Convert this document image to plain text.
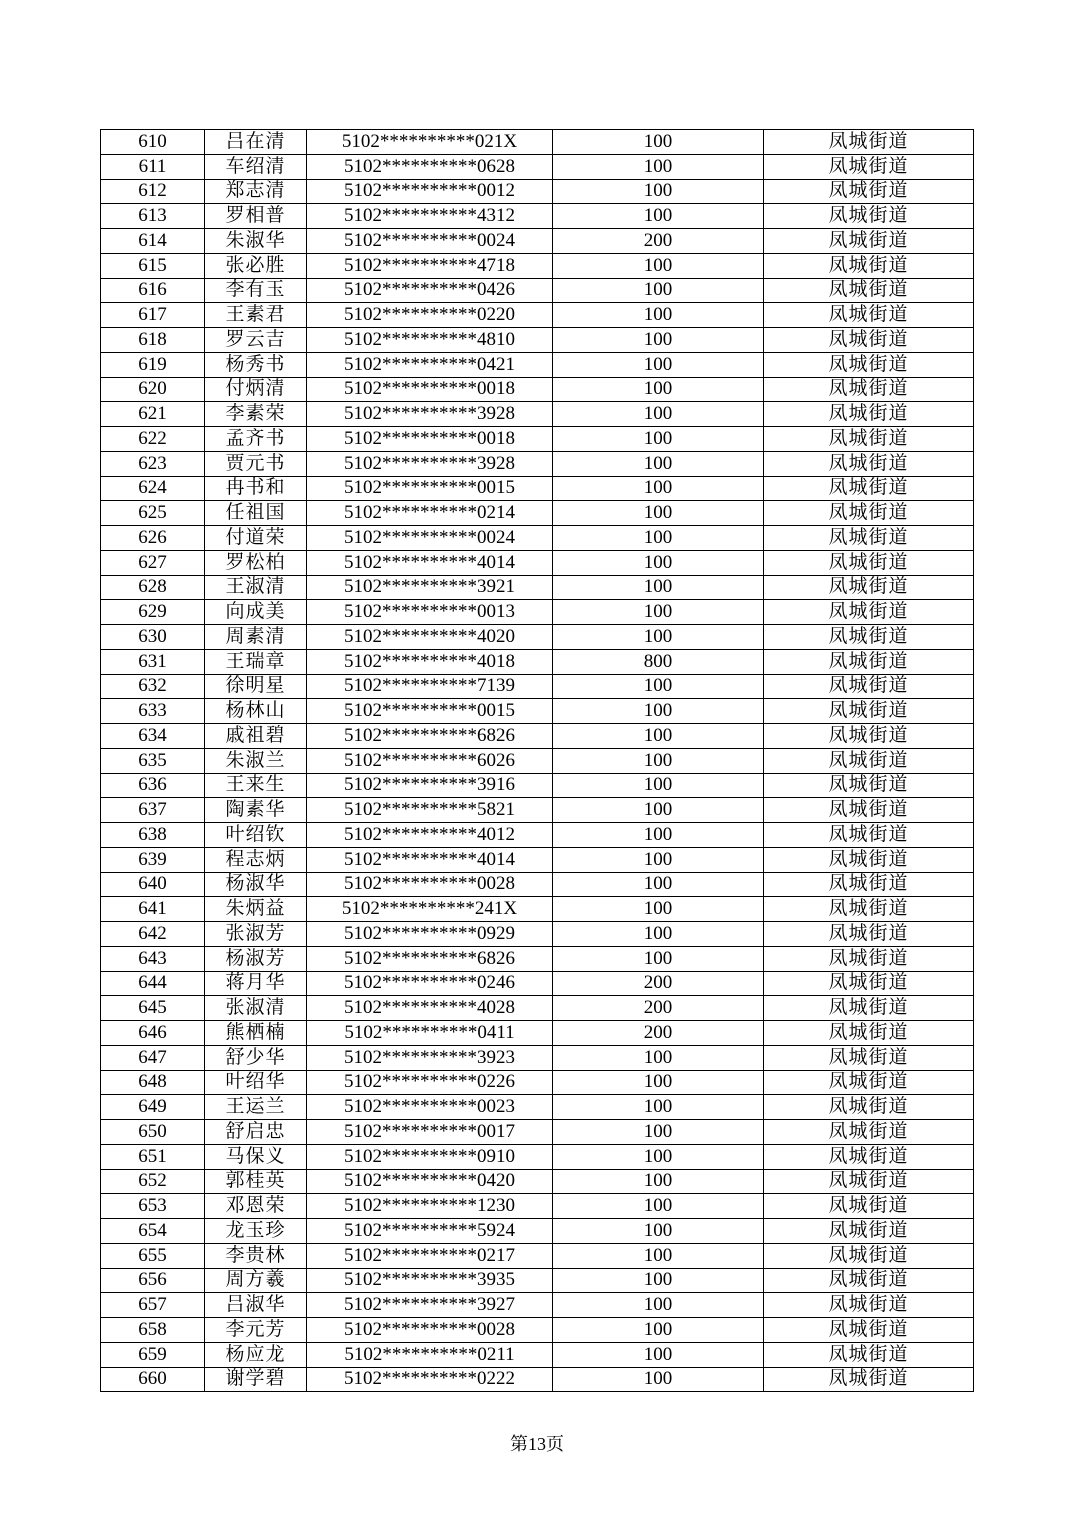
610	吕在清	5102**********021X	100	凤城街道
611	车绍清	5102**********0628	100	凤城街道
612	郑志清	5102**********0012	100	凤城街道
613	罗相普	5102**********4312	100	凤城街道
614	朱淑华	5102**********0024	200	凤城街道
615	张必胜	5102**********4718	100	凤城街道
616	李有玉	5102**********0426	100	凤城街道
617	王素君	5102**********0220	100	凤城街道
618	罗云吉	5102**********4810	100	凤城街道
619	杨秀书	5102**********0421	100	凤城街道
620	付炳清	5102**********0018	100	凤城街道
621	李素荣	5102**********3928	100	凤城街道
622	孟齐书	5102**********0018	100	凤城街道
623	贾元书	5102**********3928	100	凤城街道
624	冉书和	5102**********0015	100	凤城街道
625	任祖国	5102**********0214	100	凤城街道
626	付道荣	5102**********0024	100	凤城街道
627	罗松柏	5102**********4014	100	凤城街道
628	王淑清	5102**********3921	100	凤城街道
629	向成美	5102**********0013	100	凤城街道
630	周素清	5102**********4020	100	凤城街道
631	王瑞章	5102**********4018	800	凤城街道
632	徐明星	5102**********7139	100	凤城街道
633	杨林山	5102**********0015	100	凤城街道
634	戚祖碧	5102**********6826	100	凤城街道
635	朱淑兰	5102**********6026	100	凤城街道
636	王来生	5102**********3916	100	凤城街道
637	陶素华	5102**********5821	100	凤城街道
638	叶绍钦	5102**********4012	100	凤城街道
639	程志炳	5102**********4014	100	凤城街道
640	杨淑华	5102**********0028	100	凤城街道
641	朱炳益	5102**********241X	100	凤城街道
642	张淑芳	5102**********0929	100	凤城街道
643	杨淑芳	5102**********6826	100	凤城街道
644	蒋月华	5102**********0246	200	凤城街道
645	张淑清	5102**********4028	200	凤城街道
646	熊栖楠	5102**********0411	200	凤城街道
647	舒少华	5102**********3923	100	凤城街道
648	叶绍华	5102**********0226	100	凤城街道
649	王运兰	5102**********0023	100	凤城街道
650	舒启忠	5102**********0017	100	凤城街道
651	马保义	5102**********0910	100	凤城街道
652	郭桂英	5102**********0420	100	凤城街道
653	邓恩荣	5102**********1230	100	凤城街道
654	龙玉珍	5102**********5924	100	凤城街道
655	李贵林	5102**********0217	100	凤城街道
656	周方羲	5102**********3935	100	凤城街道
657	吕淑华	5102**********3927	100	凤城街道
658	李元芳	5102**********0028	100	凤城街道
659	杨应龙	5102**********0211	100	凤城街道
660	谢学碧	5102**********0222	100	凤城街道
第13页
